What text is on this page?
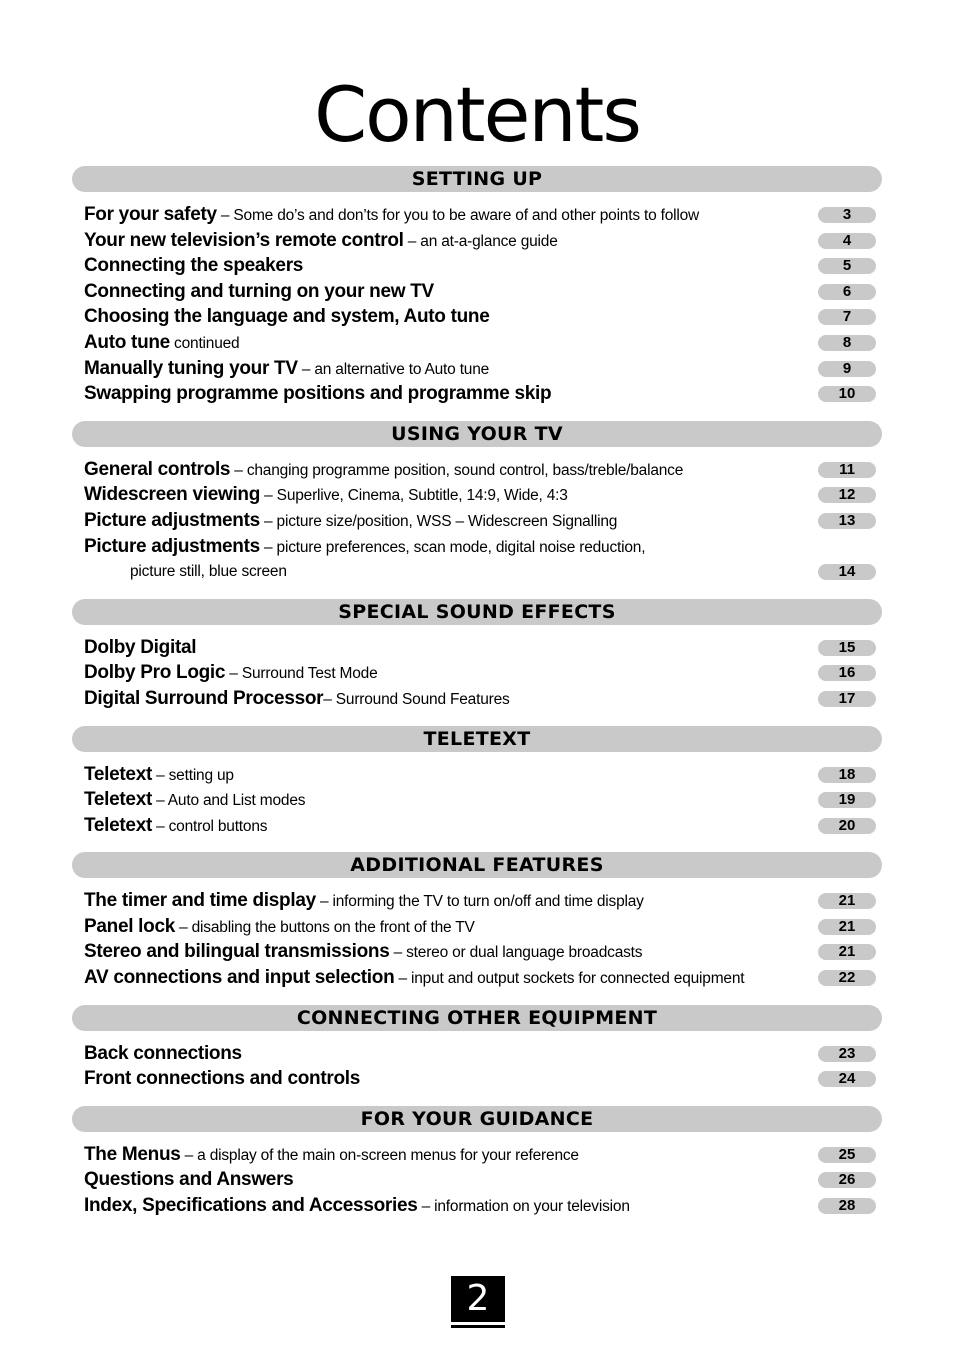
Contents
SETTING UP
For your safety – Some do’s and don’ts for you to be aware of and other points to follow	3
Your new television’s remote control – an at-a-glance guide	4
Connecting the speakers	5
Connecting and turning on your new TV	6
Choosing the language and system, Auto tune	7
Auto tune continued	8
Manually tuning your TV – an alternative to Auto tune	9
Swapping programme positions and programme skip	10
USING YOUR TV
General controls – changing programme position, sound control, bass/treble/balance	11
Widescreen viewing – Superlive, Cinema, Subtitle, 14:9, Wide, 4:3	12
Picture adjustments – picture size/position, WSS – Widescreen Signalling	13
Picture adjustments – picture preferences, scan mode, digital noise reduction,
picture still, blue screen	14
SPECIAL SOUND EFFECTS
Dolby Digital	15
Dolby Pro Logic – Surround Test Mode	16
Digital Surround Processor– Surround Sound Features	17
TELETEXT
Teletext – setting up	18
Teletext – Auto and List modes	19
Teletext – control buttons	20
ADDITIONAL FEATURES
The timer and time display – informing the TV to turn on/off and time display	21
Panel lock – disabling the buttons on the front of the TV	21
Stereo and bilingual transmissions – stereo or dual language broadcasts	21
AV connections and input selection – input and output sockets for connected equipment	22
CONNECTING OTHER EQUIPMENT
Back connections	23
Front connections and controls	24
FOR YOUR GUIDANCE
The Menus – a display of the main on-screen menus for your reference	25
Questions and Answers	26
Index, Specifications and Accessories – information on your television	28
2
